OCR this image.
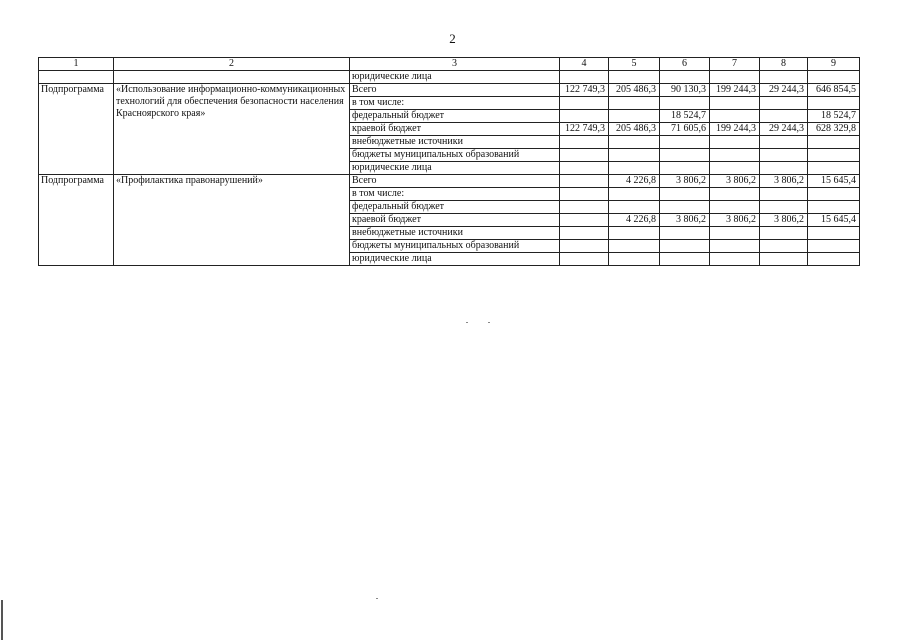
2
1	2	3	4	5	6	7	8	9
		юридические лица						
Подпрограмма	«Использование информационно-коммуникационных технологий для обеспечения безопасности населения Красноярского края»	Всего	122 749,3	205 486,3	90 130,3	199 244,3	29 244,3	646 854,5
		в том числе:						
		федеральный бюджет			18 524,7			18 524,7
		краевой бюджет	122 749,3	205 486,3	71 605,6	199 244,3	29 244,3	628 329,8
		внебюджетные источники						
		бюджеты муниципальных образований						
		юридические лица						
Подпрограмма	«Профилактика правонарушений»	Всего		4 226,8	3 806,2	3 806,2	3 806,2	15 645,4
		в том числе:						
		федеральный бюджет						
		краевой бюджет		4 226,8	3 806,2	3 806,2	3 806,2	15 645,4
		внебюджетные источники						
		бюджеты муниципальных образований						
		юридические лица						
